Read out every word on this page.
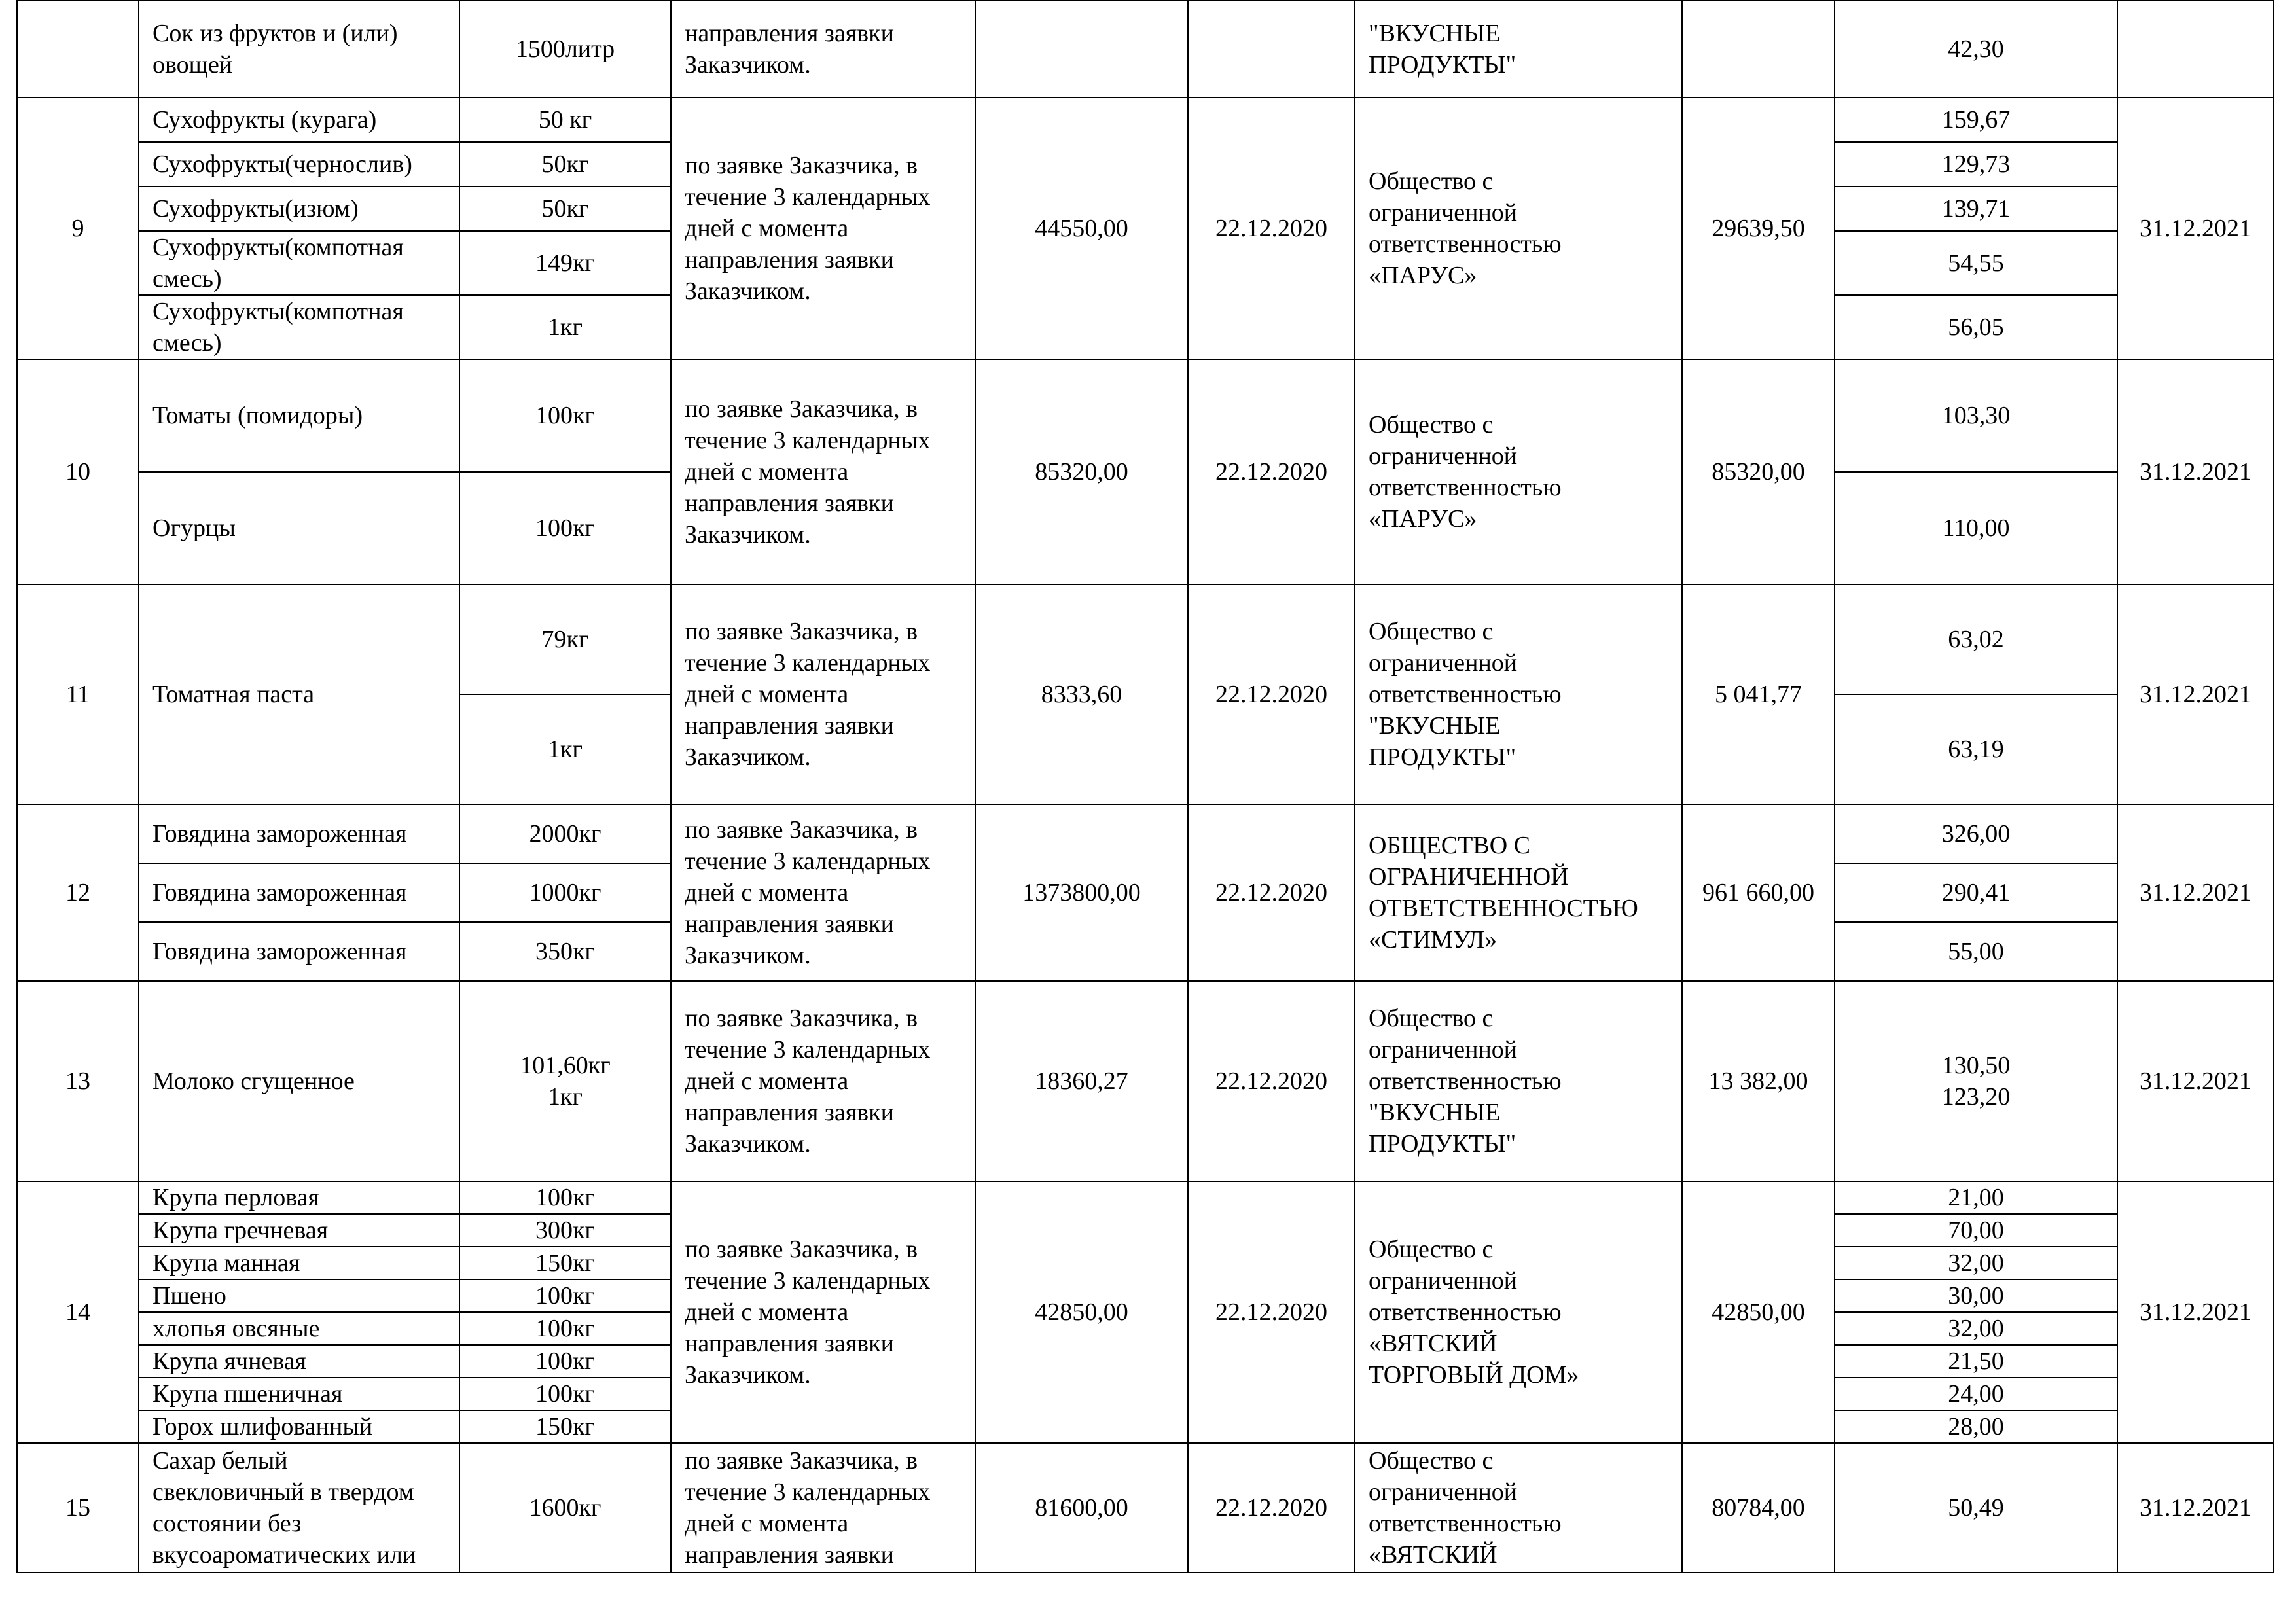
	Сок из фруктов и (или)
овощей	1500литр	направления заявки
Заказчиком.			"ВКУСНЫЕ
ПРОДУКТЫ"		42,30	
9	Сухофрукты (курага)	50 кг	по заявке Заказчика, в
течение 3 календарных
дней с момента
направления заявки
Заказчиком.	44550,00	22.12.2020	Общество с
ограниченной
ответственностью
«ПАРУС»	29639,50	159,67	31.12.2021
	Сухофрукты(чернослив)	50кг						129,73	
	Сухофрукты(изюм)	50кг						139,71	
	Сухофрукты(компотная
смесь)	149кг						54,55	
	Сухофрукты(компотная
смесь)	1кг						56,05	
10	Томаты (помидоры)	100кг	по заявке Заказчика, в
течение 3 календарных
дней с момента
направления заявки
Заказчиком.	85320,00	22.12.2020	Общество с
ограниченной
ответственностью
«ПАРУС»	85320,00	103,30	31.12.2021
	Огурцы	100кг						110,00	
11	Томатная паста	79кг	по заявке Заказчика, в
течение 3 календарных
дней с момента
направления заявки
Заказчиком.	8333,60	22.12.2020	Общество с
ограниченной
ответственностью
"ВКУСНЫЕ
ПРОДУКТЫ"	5 041,77	63,02	31.12.2021
		1кг						63,19	
12	Говядина замороженная	2000кг	по заявке Заказчика, в
течение 3 календарных
дней с момента
направления заявки
Заказчиком.	1373800,00	22.12.2020	ОБЩЕСТВО С
ОГРАНИЧЕННОЙ
ОТВЕТСТВЕННОСТЬЮ
«СТИМУЛ»	961 660,00	326,00	31.12.2021
	Говядина замороженная	1000кг						290,41	
	Говядина замороженная	350кг						55,00	
13	Молоко сгущенное	101,60кг
1кг	по заявке Заказчика, в
течение 3 календарных
дней с момента
направления заявки
Заказчиком.	18360,27	22.12.2020	Общество с
ограниченной
ответственностью
"ВКУСНЫЕ
ПРОДУКТЫ"	13 382,00	130,50
123,20	31.12.2021
14	Крупа перловая	100кг	по заявке Заказчика, в
течение 3 календарных
дней с момента
направления заявки
Заказчиком.	42850,00	22.12.2020	Общество с
ограниченной
ответственностью
«ВЯТСКИЙ
ТОРГОВЫЙ ДОМ»	42850,00	21,00	31.12.2021
	Крупа гречневая	300кг						70,00	
	Крупа манная	150кг						32,00	
	Пшено	100кг						30,00	
	хлопья овсяные	100кг						32,00	
	Крупа ячневая	100кг						21,50	
	Крупа пшеничная	100кг						24,00	
	Горох шлифованный	150кг						28,00	
15	Сахар белый
свекловичный в твердом
состоянии без
вкусоароматических или	1600кг	по заявке Заказчика, в
течение 3 календарных
дней с момента
направления заявки	81600,00	22.12.2020	Общество с
ограниченной
ответственностью
«ВЯТСКИЙ	80784,00	50,49	31.12.2021
